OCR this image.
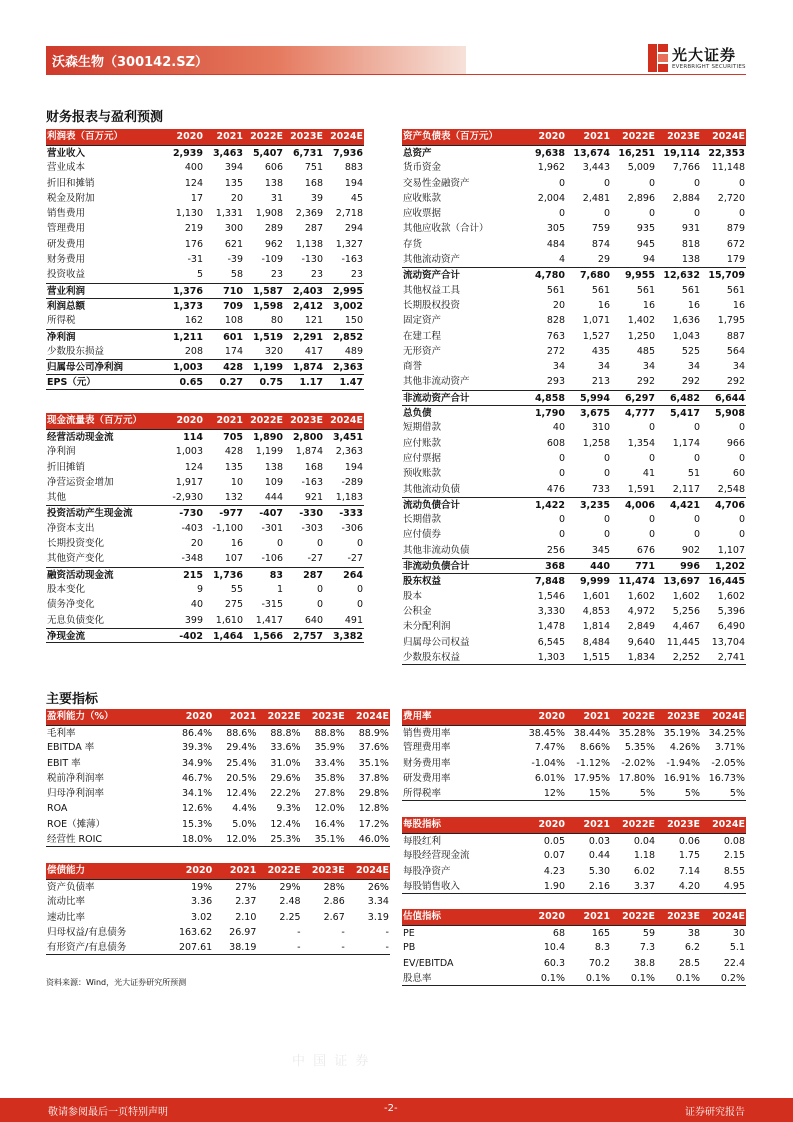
沃森生物（300142.SZ）	光大证券
EVERBRIGHT SECURITIES
财务报表与盈利预测
主要指标
利润表（百万元）	2020	2021 2022E 2023E 2024E
营业收入	2,939	3,463	5,407	6,731	7,936
营业成本	400	394	606	751	883
折旧和摊销	124	135	138	168	194
税金及附加	17	20	31	39	45
销售费用	1,130	1,331	1,908	2,369	2,718
管理费用	219	300	289	287	294
研发费用	176	621	962	1,138	1,327
财务费用	-31	-39	-109	-130	-163
投资收益	5	58	23	23	23
营业利润	1,376	710	1,587	2,403	2,995
利润总额	1,373	709	1,598	2,412	3,002
所得税	162	108	80	121	150
净利润	1,211	601	1,519	2,291	2,852
少数股东损益	208	174	320	417	489
归属母公司净利润	1,003	428	1,199	1,874	2,363
EPS（元）	0.65	0.27	0.75	1.17	1.47
现金流量表（百万元）	2020	2021 2022E 2023E 2024E
经营活动现金流	114	705	1,890	2,800	3,451
净利润	1,003	428	1,199	1,874	2,363
折旧摊销	124	135	138	168	194
净营运资金增加	1,917	10	109	-163	-289
其他	-2,930	132	444	921	1,183
投资活动产生现金流	-730	-977	-407	-330	-333
净资本支出	-403 -1,100	-301	-303	-306
长期投资变化	20	16	0	0	0
其他资产变化	-348	107	-106	-27	-27
融资活动现金流	215	1,736	83	287	264
股本变化	9	55	1	0	0
债务净变化	40	275	-315	0	0
无息负债变化	399	1,610	1,417	640	491
净现金流	-402	1,464	1,566	2,757	3,382
资产负债表（百万元）	2020	2021	2022E	2023E	2024E
总资产	9,638 13,674 16,251 19,114 22,353
货币资金	1,962	3,443	5,009	7,766	11,148
交易性金融资产	0	0	0	0	0
应收账款	2,004	2,481	2,896	2,884	2,720
应收票据	0	0	0	0	0
其他应收款（合计）	305	759	935	931	879
存货	484	874	945	818	672
其他流动资产	4	29	94	138	179
流动资产合计	4,780	7,680	9,955 12,632 15,709
其他权益工具	561	561	561	561	561
长期股权投资	20	16	16	16	16
固定资产	828	1,071	1,402	1,636	1,795
在建工程	763	1,527	1,250	1,043	887
无形资产	272	435	485	525	564
商誉	34	34	34	34	34
其他非流动资产	293	213	292	292	292
非流动资产合计	4,858	5,994	6,297	6,482	6,644
总负债	1,790	3,675	4,777	5,417	5,908
短期借款	40	310	0	0	0
应付账款	608	1,258	1,354	1,174	966
应付票据	0	0	0	0	0
预收账款	0	0	41	51	60
其他流动负债	476	733	1,591	2,117	2,548
流动负债合计	1,422	3,235	4,006	4,421	4,706
长期借款	0	0	0	0	0
应付债券	0	0	0	0	0
其他非流动负债	256	345	676	902	1,107
非流动负债合计	368	440	771	996	1,202
股东权益	7,848	9,999 11,474 13,697 16,445
股本	1,546	1,601	1,602	1,602	1,602
公积金	3,330	4,853	4,972	5,256	5,396
未分配利润	1,478	1,814	2,849	4,467	6,490
归属母公司权益	6,545	8,484	9,640	11,445	13,704
少数股东权益	1,303	1,515	1,834	2,252	2,741
盈利能力（%）	2020	2021	2022E	2023E	2024E
毛利率	86.4%	88.6%	88.8%	88.8%	88.9%
EBITDA 率	39.3%	29.4%	33.6%	35.9%	37.6%
EBIT 率	34.9%	25.4%	31.0%	33.4%	35.1%
税前净利润率	46.7%	20.5%	29.6%	35.8%	37.8%
归母净利润率	34.1%	12.4%	22.2%	27.8%	29.8%
ROA	12.6%	4.4%	9.3%	12.0%	12.8%
ROE（摊薄）	15.3%	5.0%	12.4%	16.4%	17.2%
经营性 ROIC	18.0%	12.0%	25.3%	35.1%	46.0%
偿债能力	2020	2021	2022E	2023E	2024E
资产负债率	19%	27%	29%	28%	26%
流动比率	3.36	2.37	2.48	2.86	3.34
速动比率	3.02	2.10	2.25	2.67	3.19
归母权益/有息债务	163.62	26.97	-	-	-
有形资产/有息债务	207.61	38.19	-	-	-
费用率	2020	2021	2022E	2023E	2024E
销售费用率	38.45% 38.44% 35.28% 35.19% 34.25%
管理费用率	7.47%	8.66%	5.35%	4.26%	3.71%
财务费用率	-1.04%	-1.12%	-2.02%	-1.94%	-2.05%
研发费用率	6.01% 17.95% 17.80% 16.91% 16.73%
所得税率	12%	15%	5%	5%	5%
每股指标	2020	2021	2022E	2023E	2024E
每股红利	0.05	0.03	0.04	0.06	0.08
每股经营现金流	0.07	0.44	1.18	1.75	2.15
每股净资产	4.23	5.30	6.02	7.14	8.55
每股销售收入	1.90	2.16	3.37	4.20	4.95
估值指标	2020	2021	2022E	2023E	2024E
PE	68	165	59	38	30
PB	10.4	8.3	7.3	6.2	5.1
EV/EBITDA	60.3	70.2	38.8	28.5	22.4
股息率	0.1%	0.1%	0.1%	0.1%	0.2%
资料来源：Wind，光大证券研究所预测
中 国 证 券
敬请参阅最后一页特别声明	-2-	证券研究报告
